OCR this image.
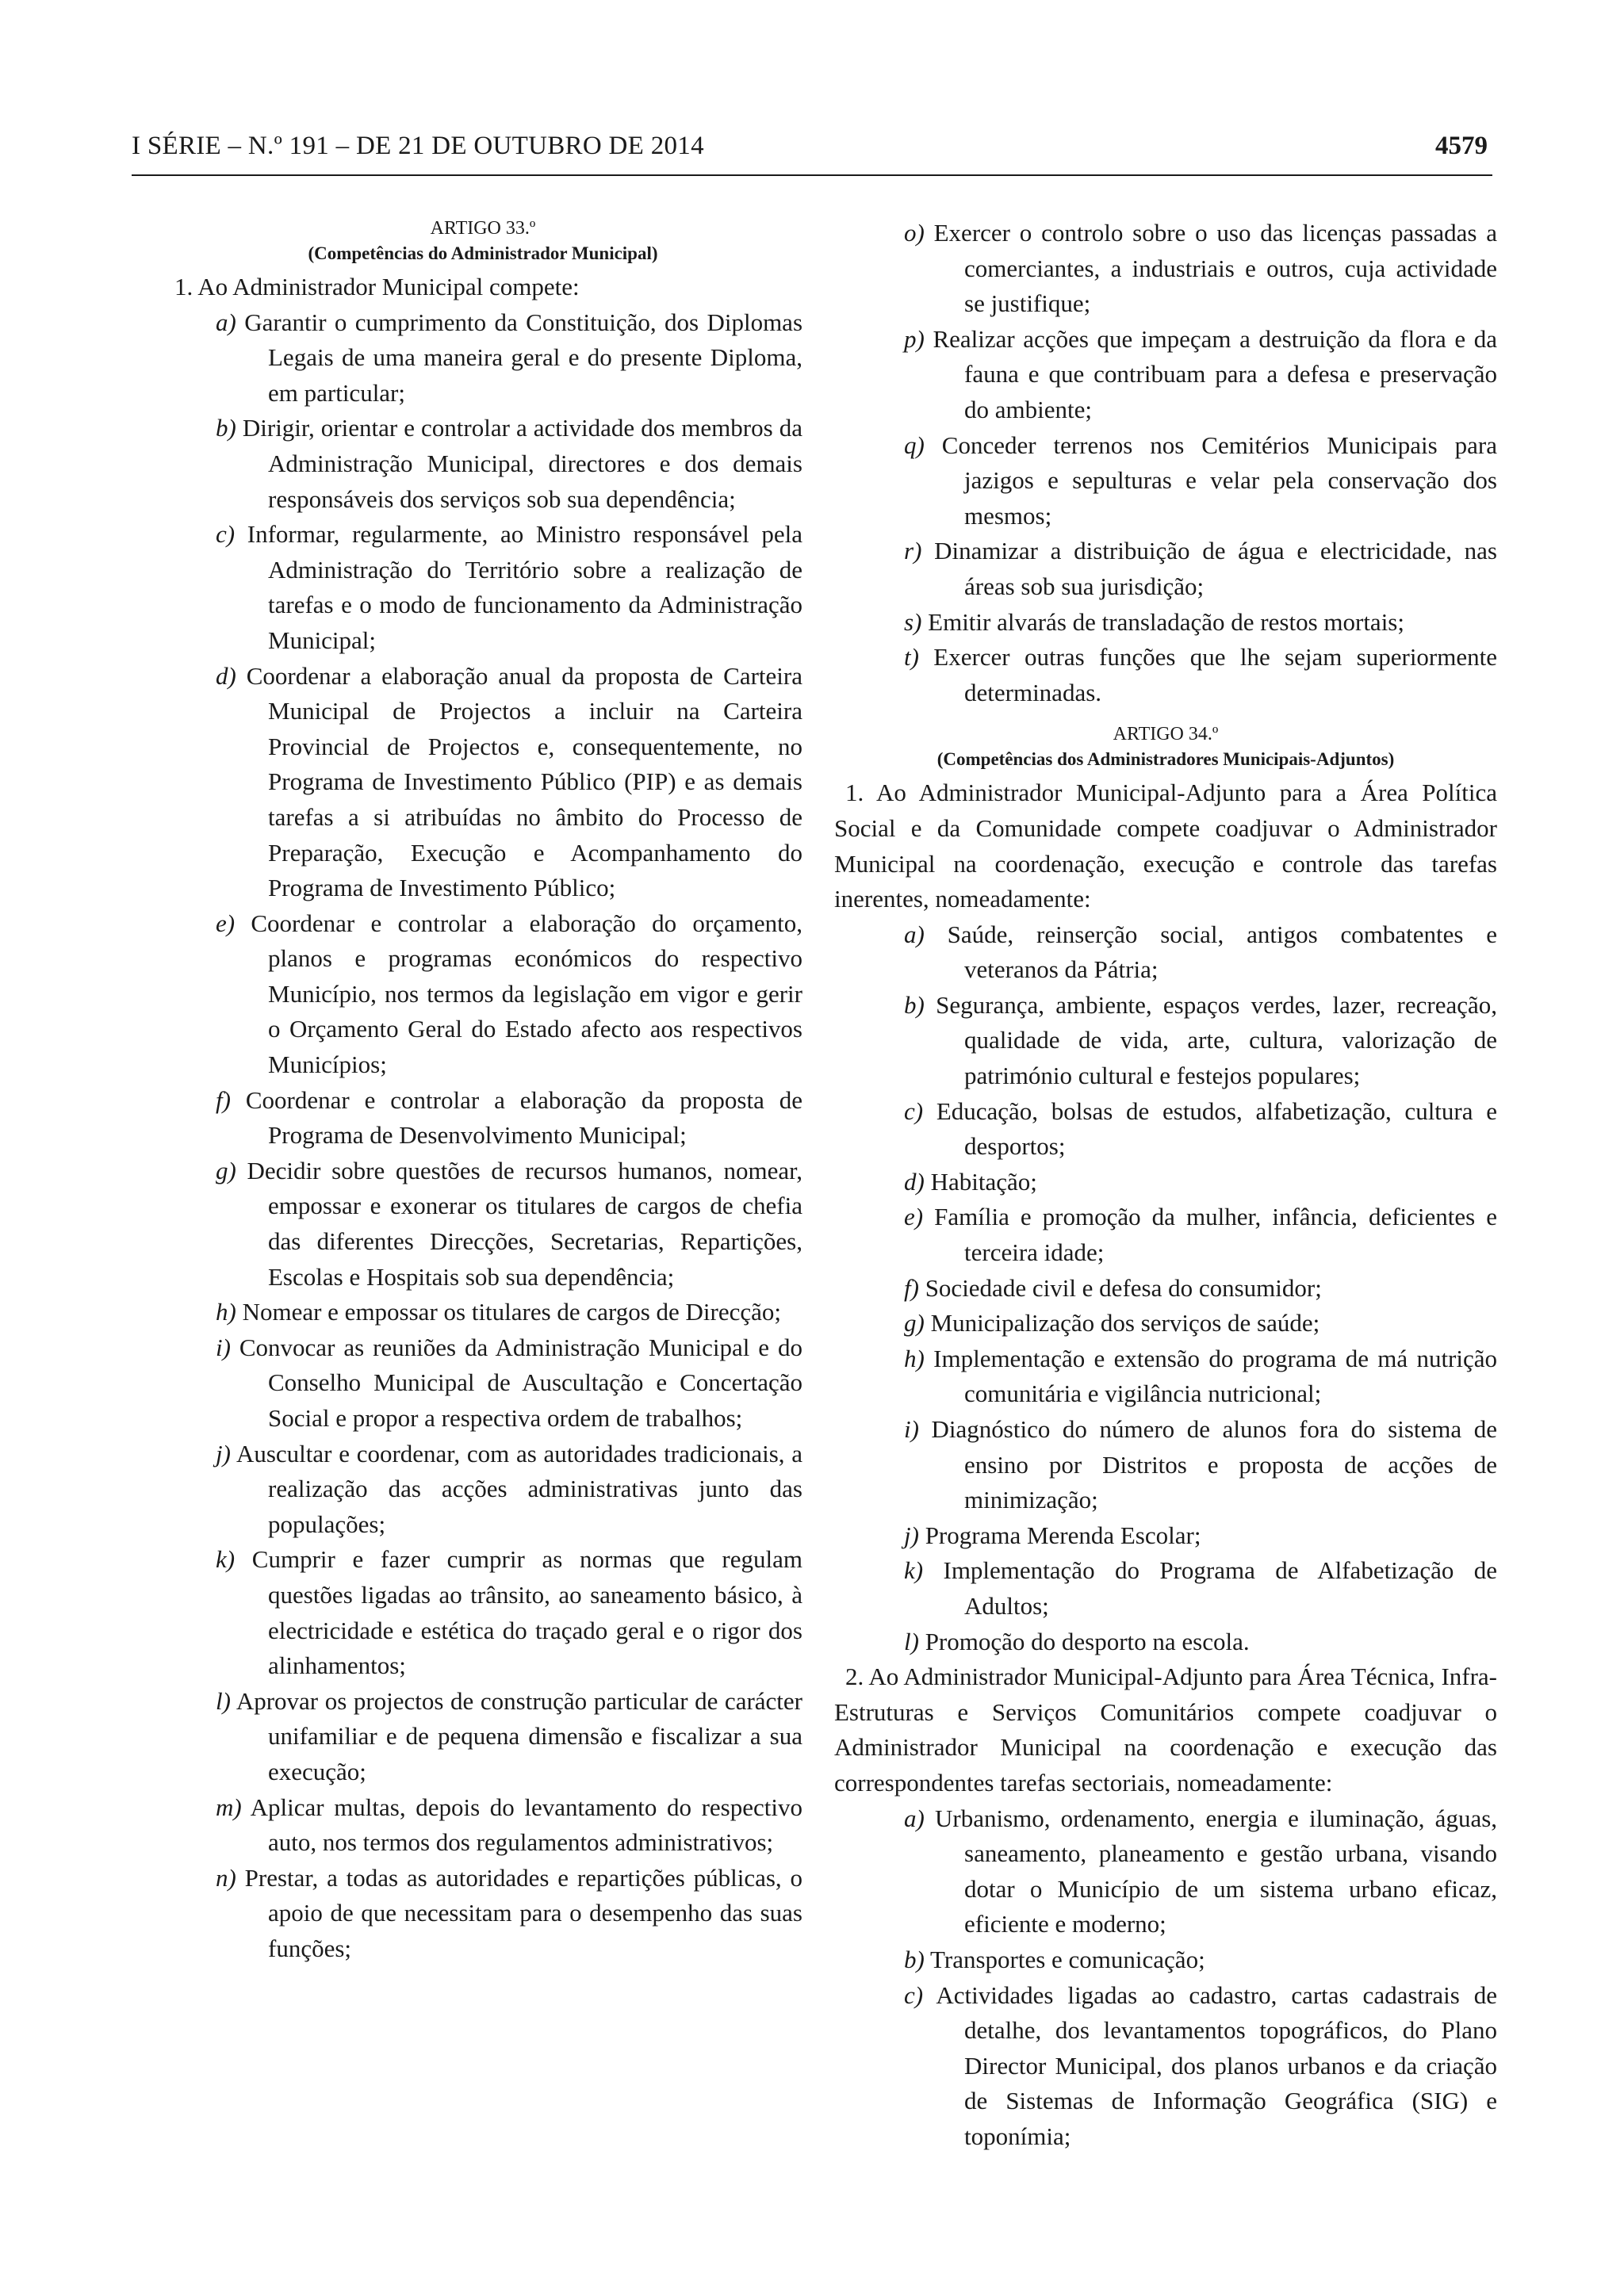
I SÉRIE – N.º 191 – DE 21 DE OUTUBRO DE 2014	4579

ARTIGO 33.º

(Competências do Administrador Municipal)

1. Ao Administrador Municipal compete:

a) Garantir o cumprimento da Constituição, dos Diplomas Legais de uma maneira geral e do presente Diploma, em particular;

b) Dirigir, orientar e controlar a actividade dos membros da Administração Municipal, directores e dos demais responsáveis dos serviços sob sua dependência;

c) Informar, regularmente, ao Ministro responsável pela Administração do Território sobre a realização de tarefas e o modo de funcionamento da Administração Municipal;

d) Coordenar a elaboração anual da proposta de Carteira Municipal de Projectos a incluir na Carteira Provincial de Projectos e, consequentemente, no Programa de Investimento Público (PIP) e as demais tarefas a si atribuídas no âmbito do Processo de Preparação, Execução e Acompanhamento do Programa de Investimento Público;

e) Coordenar e controlar a elaboração do orçamento, planos e programas económicos do respectivo Município, nos termos da legislação em vigor e gerir o Orçamento Geral do Estado afecto aos respectivos Municípios;

f) Coordenar e controlar a elaboração da proposta de Programa de Desenvolvimento Municipal;

g) Decidir sobre questões de recursos humanos, nomear, empossar e exonerar os titulares de cargos de chefia das diferentes Direcções, Secretarias, Repartições, Escolas e Hospitais sob sua dependência;

h) Nomear e empossar os titulares de cargos de Direcção;

i) Convocar as reuniões da Administração Municipal e do Conselho Municipal de Auscultação e Concertação Social e propor a respectiva ordem de trabalhos;

j) Auscultar e coordenar, com as autoridades tradicionais, a realização das acções administrativas junto das populações;

k) Cumprir e fazer cumprir as normas que regulam questões ligadas ao trânsito, ao saneamento básico, à electricidade e estética do traçado geral e o rigor dos alinhamentos;

l) Aprovar os projectos de construção particular de carácter unifamiliar e de pequena dimensão e fiscalizar a sua execução;

m) Aplicar multas, depois do levantamento do respectivo auto, nos termos dos regulamentos administrativos;

n) Prestar, a todas as autoridades e repartições públicas, o apoio de que necessitam para o desempenho das suas funções;

o) Exercer o controlo sobre o uso das licenças passadas a comerciantes, a industriais e outros, cuja actividade se justifique;

p) Realizar acções que impeçam a destruição da flora e da fauna e que contribuam para a defesa e preservação do ambiente;

q) Conceder terrenos nos Cemitérios Municipais para jazigos e sepulturas e velar pela conservação dos mesmos;

r) Dinamizar a distribuição de água e electricidade, nas áreas sob sua jurisdição;

s) Emitir alvarás de transladação de restos mortais;

t) Exercer outras funções que lhe sejam superiormente determinadas.

ARTIGO 34.º

(Competências dos Administradores Municipais-Adjuntos)

1. Ao Administrador Municipal-Adjunto para a Área Política Social e da Comunidade compete coadjuvar o Administrador Municipal na coordenação, execução e controle das tarefas inerentes, nomeadamente:

a) Saúde, reinserção social, antigos combatentes e veteranos da Pátria;

b) Segurança, ambiente, espaços verdes, lazer, recreação, qualidade de vida, arte, cultura, valorização de património cultural e festejos populares;

c) Educação, bolsas de estudos, alfabetização, cultura e desportos;

d) Habitação;

e) Família e promoção da mulher, infância, deficientes e terceira idade;

f) Sociedade civil e defesa do consumidor;

g) Municipalização dos serviços de saúde;

h) Implementação e extensão do programa de má nutrição comunitária e vigilância nutricional;

i) Diagnóstico do número de alunos fora do sistema de ensino por Distritos e proposta de acções de minimização;

j) Programa Merenda Escolar;

k) Implementação do Programa de Alfabetização de Adultos;

l) Promoção do desporto na escola.

2. Ao Administrador Municipal-Adjunto para Área Técnica, Infra-Estruturas e Serviços Comunitários compete coadjuvar o Administrador Municipal na coordenação e execução das correspondentes tarefas sectoriais, nomeadamente:

a) Urbanismo, ordenamento, energia e iluminação, águas, saneamento, planeamento e gestão urbana, visando dotar o Município de um sistema urbano eficaz, eficiente e moderno;

b) Transportes e comunicação;

c) Actividades ligadas ao cadastro, cartas cadastrais de detalhe, dos levantamentos topográficos, do Plano Director Municipal, dos planos urbanos e da criação de Sistemas de Informação Geográfica (SIG) e toponímia;
